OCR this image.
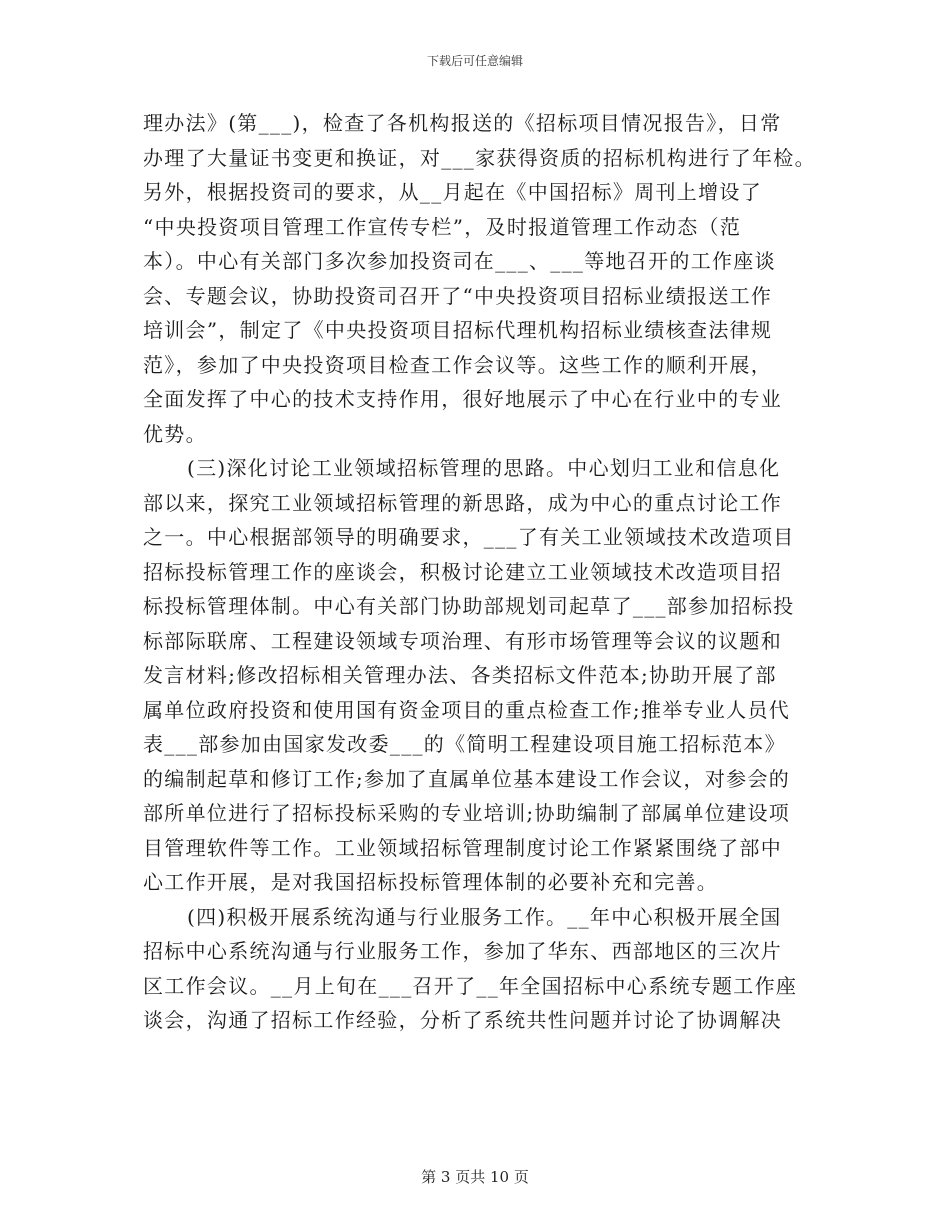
下载后可任意编辑
理办法》(第___)，检查了各机构报送的《招标项目情况报告》，日常
办理了大量证书变更和换证，对___家获得资质的招标机构进行了年检。
另外，根据投资司的要求，从__月起在《中国招标》周刊上增设了
“中央投资项目管理工作宣传专栏”，及时报道管理工作动态（范
本）。中心有关部门多次参加投资司在___、___等地召开的工作座谈
会、专题会议，协助投资司召开了“中央投资项目招标业绩报送工作
培训会”，制定了《中央投资项目招标代理机构招标业绩核查法律规
范》，参加了中央投资项目检查工作会议等。这些工作的顺利开展，
全面发挥了中心的技术支持作用，很好地展示了中心在行业中的专业
优势。
(三)深化讨论工业领域招标管理的思路。中心划归工业和信息化
部以来，探究工业领域招标管理的新思路，成为中心的重点讨论工作
之一。中心根据部领导的明确要求，___了有关工业领域技术改造项目
招标投标管理工作的座谈会，积极讨论建立工业领域技术改造项目招
标投标管理体制。中心有关部门协助部规划司起草了___部参加招标投
标部际联席、工程建设领域专项治理、有形市场管理等会议的议题和
发言材料;修改招标相关管理办法、各类招标文件范本;协助开展了部
属单位政府投资和使用国有资金项目的重点检查工作;推举专业人员代
表___部参加由国家发改委___的《简明工程建设项目施工招标范本》
的编制起草和修订工作;参加了直属单位基本建设工作会议，对参会的
部所单位进行了招标投标采购的专业培训;协助编制了部属单位建设项
目管理软件等工作。工业领域招标管理制度讨论工作紧紧围绕了部中
心工作开展，是对我国招标投标管理体制的必要补充和完善。
(四)积极开展系统沟通与行业服务工作。__年中心积极开展全国
招标中心系统沟通与行业服务工作，参加了华东、西部地区的三次片
区工作会议。__月上旬在___召开了__年全国招标中心系统专题工作座
谈会，沟通了招标工作经验，分析了系统共性问题并讨论了协调解决
第 3 页共 10 页
